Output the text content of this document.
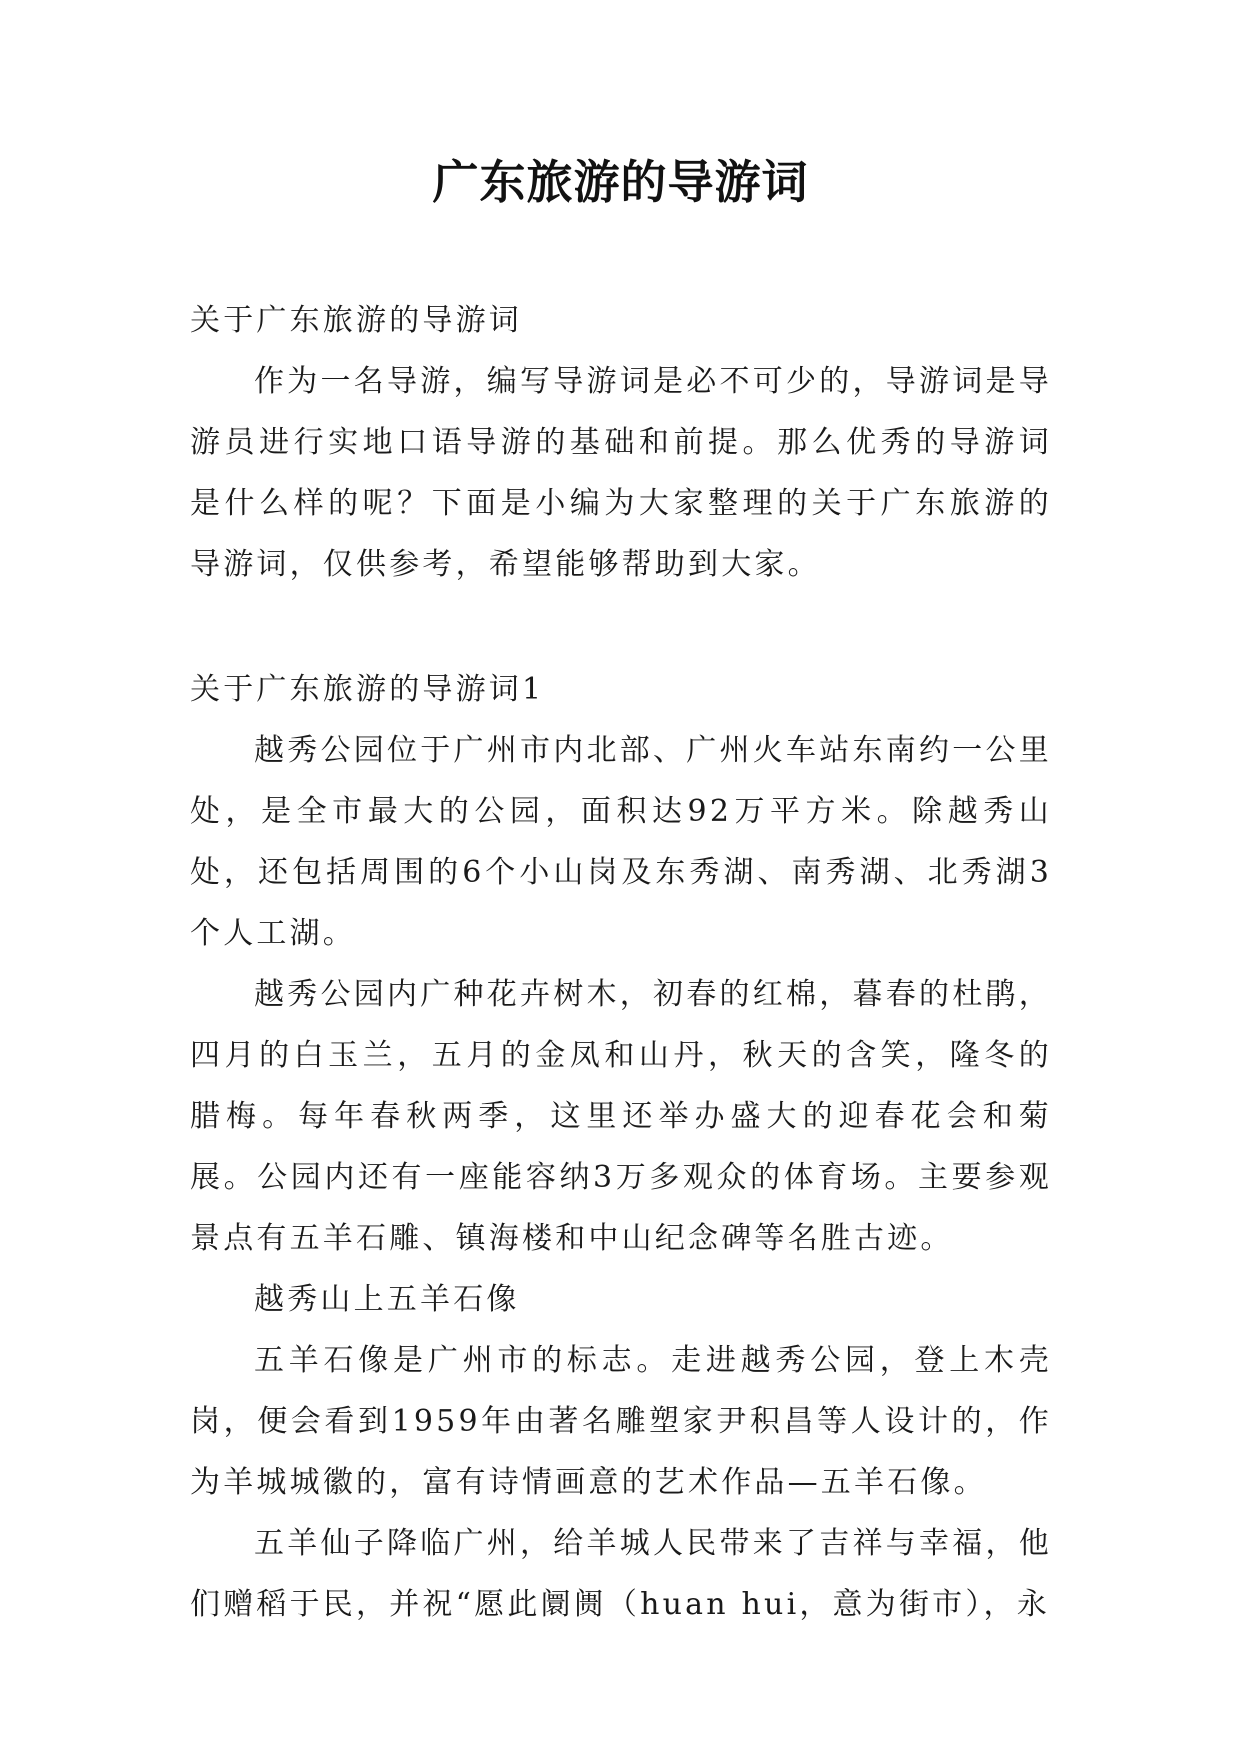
广东旅游的导游词

关于广东旅游的导游词

作为一名导游，编写导游词是必不可少的，导游词是导游员进行实地口语导游的基础和前提。那么优秀的导游词是什么样的呢？下面是小编为大家整理的关于广东旅游的导游词，仅供参考，希望能够帮助到大家。

关于广东旅游的导游词1

越秀公园位于广州市内北部、广州火车站东南约一公里处，是全市最大的公园，面积达92万平方米。除越秀山处，还包括周围的6个小山岗及东秀湖、南秀湖、北秀湖3个人工湖。

越秀公园内广种花卉树木，初春的红棉，暮春的杜鹃，四月的白玉兰，五月的金凤和山丹，秋天的含笑，隆冬的腊梅。每年春秋两季，这里还举办盛大的迎春花会和菊展。公园内还有一座能容纳3万多观众的体育场。主要参观景点有五羊石雕、镇海楼和中山纪念碑等名胜古迹。

越秀山上五羊石像

五羊石像是广州市的标志。走进越秀公园，登上木壳岗，便会看到1959年由著名雕塑家尹积昌等人设计的，作为羊城城徽的，富有诗情画意的艺术作品—五羊石像。

五羊仙子降临广州，给羊城人民带来了吉祥与幸福，他们赠稻于民，并祝“愿此阛阓（huan hui，意为街市），永
